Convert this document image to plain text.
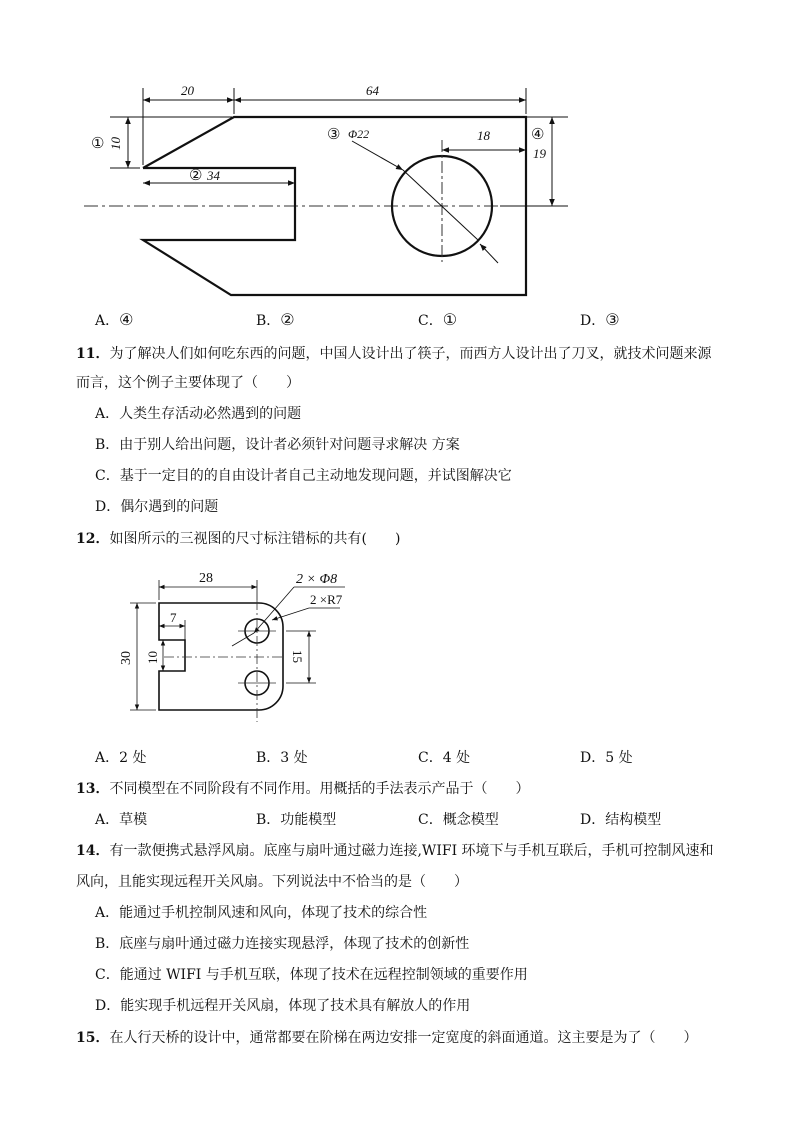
20	64
10
①
② 34
③ Φ22	18	④
19
A．④	B．②	C．①	D．③
11．为了解决人们如何吃东西的问题，中国人设计出了筷子，而西方人设计出了刀叉，就技术问题来源
而言，这个例子主要体现了（　　）
A．人类生存活动必然遇到的问题
B．由于别人给出问题，设计者必须针对问题寻求解决 方案
C．基于一定目的的自由设计者自己主动地发现问题，并试图解决它
D．偶尔遇到的问题
12．如图所示的三视图的尺寸标注错标的共有(　　)
28	2 × Φ8
2 ×R7
7
30 10	15
A．2 处	B．3 处	C．4 处	D．5 处
13．不同模型在不同阶段有不同作用。用概括的手法表示产品于（　　）
A．草模	B．功能模型	C．概念模型	D．结构模型
14．有一款便携式悬浮风扇。底座与扇叶通过磁力连接,WIFI 环境下与手机互联后，手机可控制风速和
风向，且能实现远程开关风扇。下列说法中不恰当的是（　　）
A．能通过手机控制风速和风向，体现了技术的综合性
B．底座与扇叶通过磁力连接实现悬浮，体现了技术的创新性
C．能通过 WIFI 与手机互联，体现了技术在远程控制领域的重要作用
D．能实现手机远程开关风扇，体现了技术具有解放人的作用
15．在人行天桥的设计中，通常都要在阶梯在两边安排一定宽度的斜面通道。这主要是为了（　　）
